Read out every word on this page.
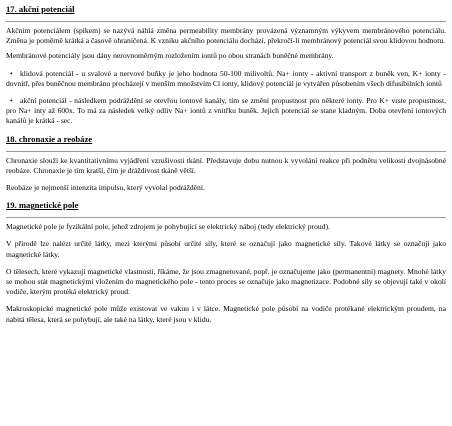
17. akční potenciál

Akčním potenciálem (spikem) se nazývá náhlá změna permeability membrány provázená významným výkyvem membránového potenciálu. Změna je poměrně krátká a časově ohraničená. K vzniku akčního potenciálu dochází, překročí-li membránový potenciál svou klidovou hodnotu.

Membránové potenciály jsou dány nerovnoměrným rozložením iontů po obou stranách buněčné membrány.

• klidová potenciál - u svalové a nervové buňky je jeho hodnota 50-100 milivoltů. Na+ ionty - aktivní transport z buněk ven, K+ ionty - dovnitř, přes buněčnou membránu procházejí v menším množstvím Cl ionty, klidový potenciál je vytvářen působením všech difusibilních iontů

• akční potenciál - následkem podráždění se otevřou iontové kanály, tím se změní propustnost pro některé ionty. Pro K+ vrste propustnost, pro Na+ inty až 600x. To má za následek velký odliv Na+ iontů z vnitřku buněk. Jejich potenciál se stane kladným. Doba otevření iontových kanálů je krátká - sec.

18. chronaxie a reobáze

Chronaxie slouží ke kvantitativnímu vyjádření vzrušivosti tkání. Představuje dobu nutnou k vyvolání reakce při podnětu velikosti dvojnásobné reobáze. Chronaxie je tím kratší, čím je dráždivost tkáně větší.

Reobáze je nejmenší intenzita impulsu, který vyvolal podráždění.

19. magnetické pole

Magnetické pole je fyzikální pole, jehož zdrojem je pohybující se elektrický náboj (tedy elektrický proud).

V přírodě lze nalézt určité látky, mezi kterými působí určité síly, které se označují jako magnetické síly. Takové látky se označují jako magnetické látky.

O tělesech, které vykazují magnetické vlastnosti, říkáme, že jsou zmagnetované, popř. je označujeme jako (permanentní) magnety. Mnohé látky se mohou stát magnetickými vložením do magnetického pole - tento proces se označuje jako magnetizace. Podobné síly se objevují také v okolí vodiče, kterým protéká elektrický proud.

Makroskopické magnetické pole může existovat ve vakuu i v látce. Magnetické pole působí na vodiče protékané elektrickým proudem, na nabitá tělesa, která se pohybují, ale také na látky, které jsou v klidu.
